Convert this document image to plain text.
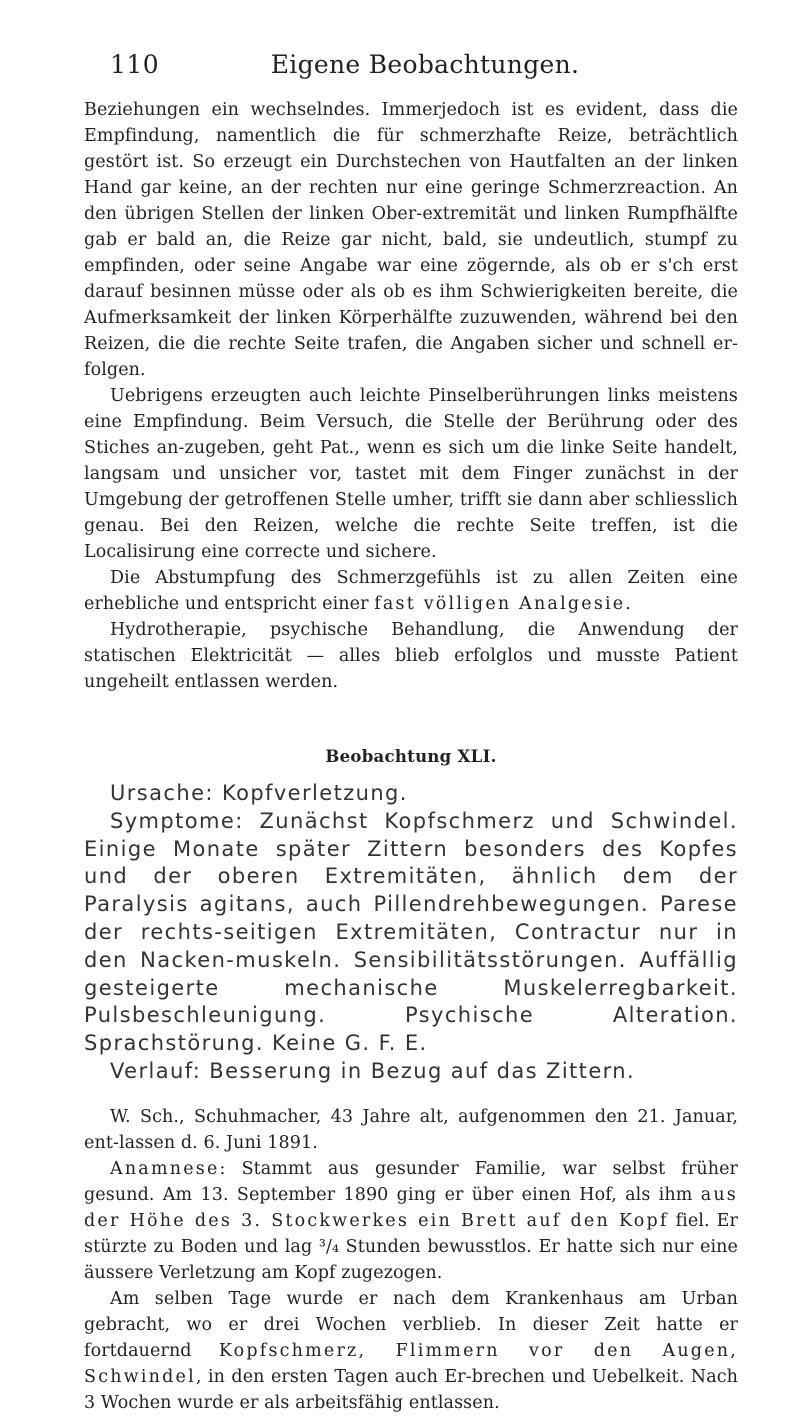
110	Eigene Beobachtungen.

Beziehungen ein wechselndes. Immerjedoch ist es evident, dass die Empfindung, namentlich die für schmerzhafte Reize, beträchtlich gestört ist. So erzeugt ein Durchstechen von Hautfalten an der linken Hand gar keine, an der rechten nur eine geringe Schmerzreaction. An den übrigen Stellen der linken Ober-extremität und linken Rumpfhälfte gab er bald an, die Reize gar nicht, bald, sie undeutlich, stumpf zu empfinden, oder seine Angabe war eine zögernde, als ob er s'ch erst darauf besinnen müsse oder als ob es ihm Schwierigkeiten bereite, die Aufmerksamkeit der linken Körperhälfte zuzuwenden, während bei den Reizen, die die rechte Seite trafen, die Angaben sicher und schnell er-folgen.

Uebrigens erzeugten auch leichte Pinselberührungen links meistens eine Empfindung. Beim Versuch, die Stelle der Berührung oder des Stiches an-zugeben, geht Pat., wenn es sich um die linke Seite handelt, langsam und unsicher vor, tastet mit dem Finger zunächst in der Umgebung der getroffenen Stelle umher, trifft sie dann aber schliesslich genau. Bei den Reizen, welche die rechte Seite treffen, ist die Localisirung eine correcte und sichere.

Die Abstumpfung des Schmerzgefühls ist zu allen Zeiten eine erhebliche und entspricht einer fast völligen Analgesie.

Hydrotherapie, psychische Behandlung, die Anwendung der statischen Elektricität — alles blieb erfolglos und musste Patient ungeheilt entlassen werden.

Beobachtung XLI.

Ursache: Kopfverletzung.

Symptome: Zunächst Kopfschmerz und Schwindel. Einige Monate später Zittern besonders des Kopfes und der oberen Extremitäten, ähnlich dem der Paralysis agitans, auch Pillendrehbewegungen. Parese der rechts-seitigen Extremitäten, Contractur nur in den Nacken-muskeln. Sensibilitätsstörungen. Auffällig gesteigerte mechanische Muskelerregbarkeit. Pulsbeschleunigung. Psychische Alteration. Sprachstörung. Keine G. F. E.

Verlauf: Besserung in Bezug auf das Zittern.

W. Sch., Schuhmacher, 43 Jahre alt, aufgenommen den 21. Januar, ent-lassen d. 6. Juni 1891.

Anamnese: Stammt aus gesunder Familie, war selbst früher gesund. Am 13. September 1890 ging er über einen Hof, als ihm aus der Höhe des 3. Stockwerkes ein Brett auf den Kopf fiel. Er stürzte zu Boden und lag ³/₄ Stunden bewusstlos. Er hatte sich nur eine äussere Verletzung am Kopf zugezogen.

Am selben Tage wurde er nach dem Krankenhaus am Urban gebracht, wo er drei Wochen verblieb. In dieser Zeit hatte er fortdauernd Kopfschmerz, Flimmern vor den Augen, Schwindel, in den ersten Tagen auch Er-brechen und Uebelkeit. Nach 3 Wochen wurde er als arbeitsfähig entlassen.
